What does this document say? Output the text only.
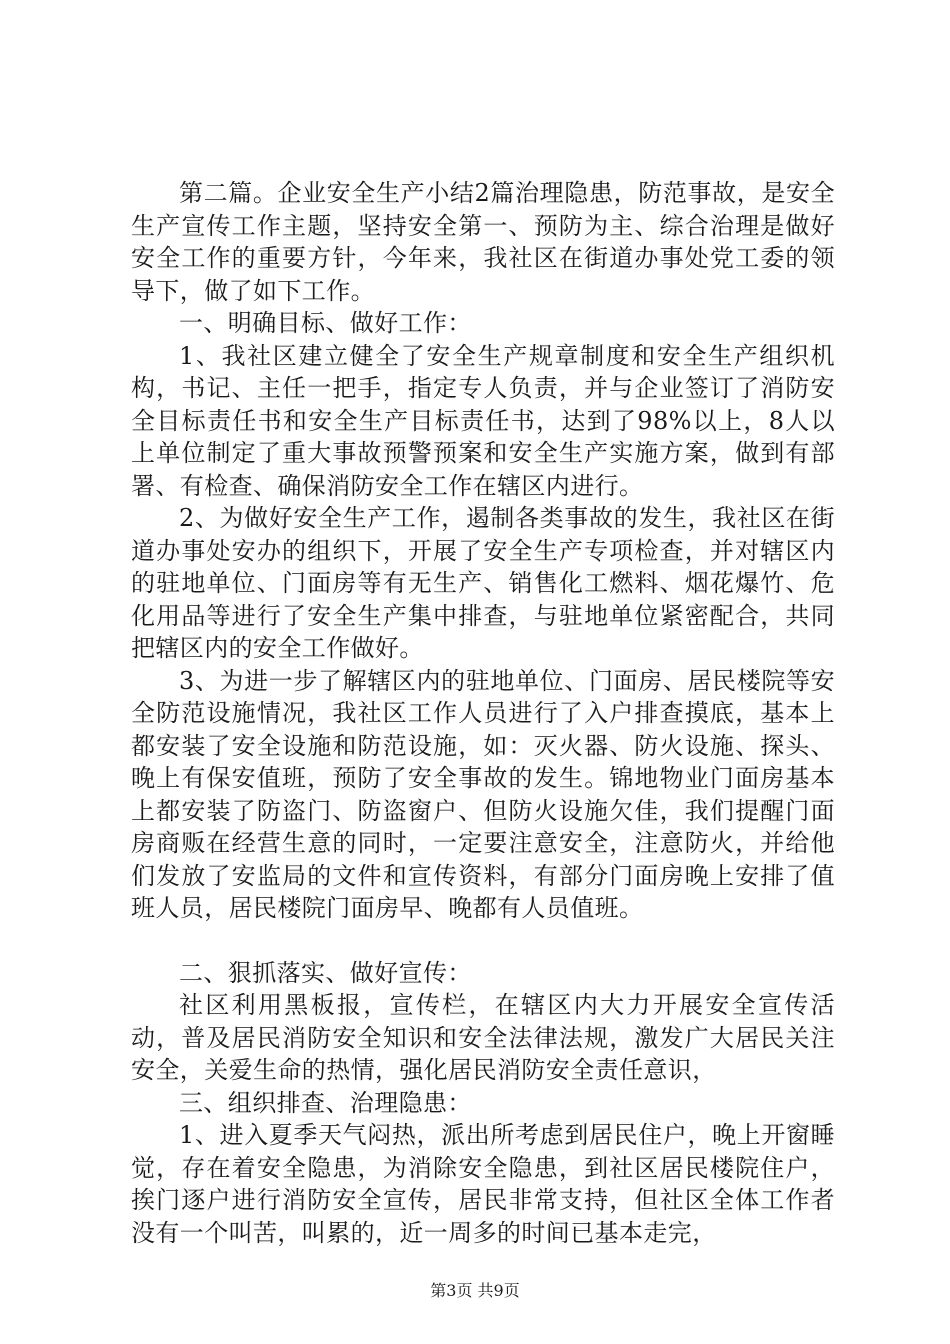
第二篇。企业安全生产小结2篇治理隐患，防范事故，是安全生产宣传工作主题，坚持安全第一、预防为主、综合治理是做好安全工作的重要方针，今年来，我社区在街道办事处党工委的领导下，做了如下工作。

一、明确目标、做好工作：

1、我社区建立健全了安全生产规章制度和安全生产组织机构，书记、主任一把手，指定专人负责，并与企业签订了消防安全目标责任书和安全生产目标责任书，达到了98%以上，8人以上单位制定了重大事故预警预案和安全生产实施方案，做到有部署、有检查、确保消防安全工作在辖区内进行。

2、为做好安全生产工作，遏制各类事故的发生，我社区在街道办事处安办的组织下，开展了安全生产专项检查，并对辖区内的驻地单位、门面房等有无生产、销售化工燃料、烟花爆竹、危化用品等进行了安全生产集中排查，与驻地单位紧密配合，共同把辖区内的安全工作做好。

3、为进一步了解辖区内的驻地单位、门面房、居民楼院等安全防范设施情况，我社区工作人员进行了入户排查摸底，基本上都安装了安全设施和防范设施，如：灭火器、防火设施、探头、晚上有保安值班，预防了安全事故的发生。锦地物业门面房基本上都安装了防盗门、防盗窗户、但防火设施欠佳，我们提醒门面房商贩在经营生意的同时，一定要注意安全，注意防火，并给他们发放了安监局的文件和宣传资料，有部分门面房晚上安排了值班人员，居民楼院门面房早、晚都有人员值班。

二、狠抓落实、做好宣传：

社区利用黑板报，宣传栏，在辖区内大力开展安全宣传活动，普及居民消防安全知识和安全法律法规，激发广大居民关注安全，关爱生命的热情，强化居民消防安全责任意识，

三、组织排查、治理隐患：

1、进入夏季天气闷热，派出所考虑到居民住户，晚上开窗睡觉，存在着安全隐患，为消除安全隐患，到社区居民楼院住户，挨门逐户进行消防安全宣传，居民非常支持，但社区全体工作者没有一个叫苦，叫累的，近一周多的时间已基本走完，

第3页 共9页
